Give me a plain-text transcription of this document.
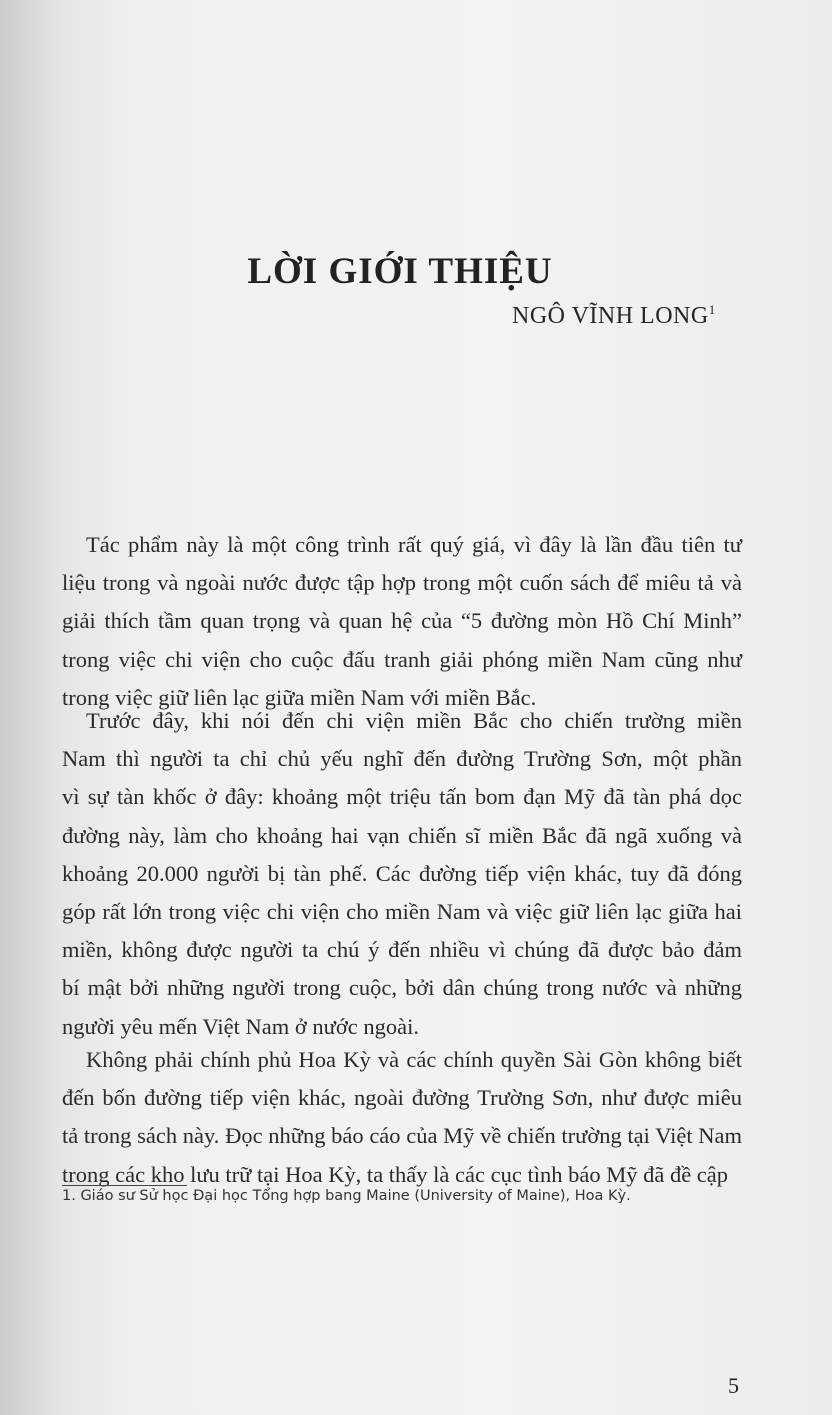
LỜI GIỚI THIỆU
NGÔ VĨNH LONG$^1$
Tác phẩm này là một công trình rất quý giá, vì đây là lần đầu tiên tư
liệu trong và ngoài nước được tập hợp trong một cuốn sách để miêu tả và
giải thích tầm quan trọng và quan hệ của “5 đường mòn Hồ Chí Minh”
trong việc chi viện cho cuộc đấu tranh giải phóng miền Nam cũng như
trong việc giữ liên lạc giữa miền Nam với miền Bắc.
Trước đây, khi nói đến chi viện miền Bắc cho chiến trường miền
Nam thì người ta chỉ chủ yếu nghĩ đến đường Trường Sơn, một phần
vì sự tàn khốc ở đây: khoảng một triệu tấn bom đạn Mỹ đã tàn phá dọc
đường này, làm cho khoảng hai vạn chiến sĩ miền Bắc đã ngã xuống và
khoảng 20.000 người bị tàn phế. Các đường tiếp viện khác, tuy đã đóng
góp rất lớn trong việc chi viện cho miền Nam và việc giữ liên lạc giữa hai
miền, không được người ta chú ý đến nhiều vì chúng đã được bảo đảm
bí mật bởi những người trong cuộc, bởi dân chúng trong nước và những
người yêu mến Việt Nam ở nước ngoài.
Không phải chính phủ Hoa Kỳ và các chính quyền Sài Gòn không biết
đến bốn đường tiếp viện khác, ngoài đường Trường Sơn, như được miêu
tả trong sách này. Đọc những báo cáo của Mỹ về chiến trường tại Việt Nam
trong các kho lưu trữ tại Hoa Kỳ, ta thấy là các cục tình báo Mỹ đã đề cập
1. Giáo sư Sử học Đại học Tổng hợp bang Maine (University of Maine), Hoa Kỳ.
5
